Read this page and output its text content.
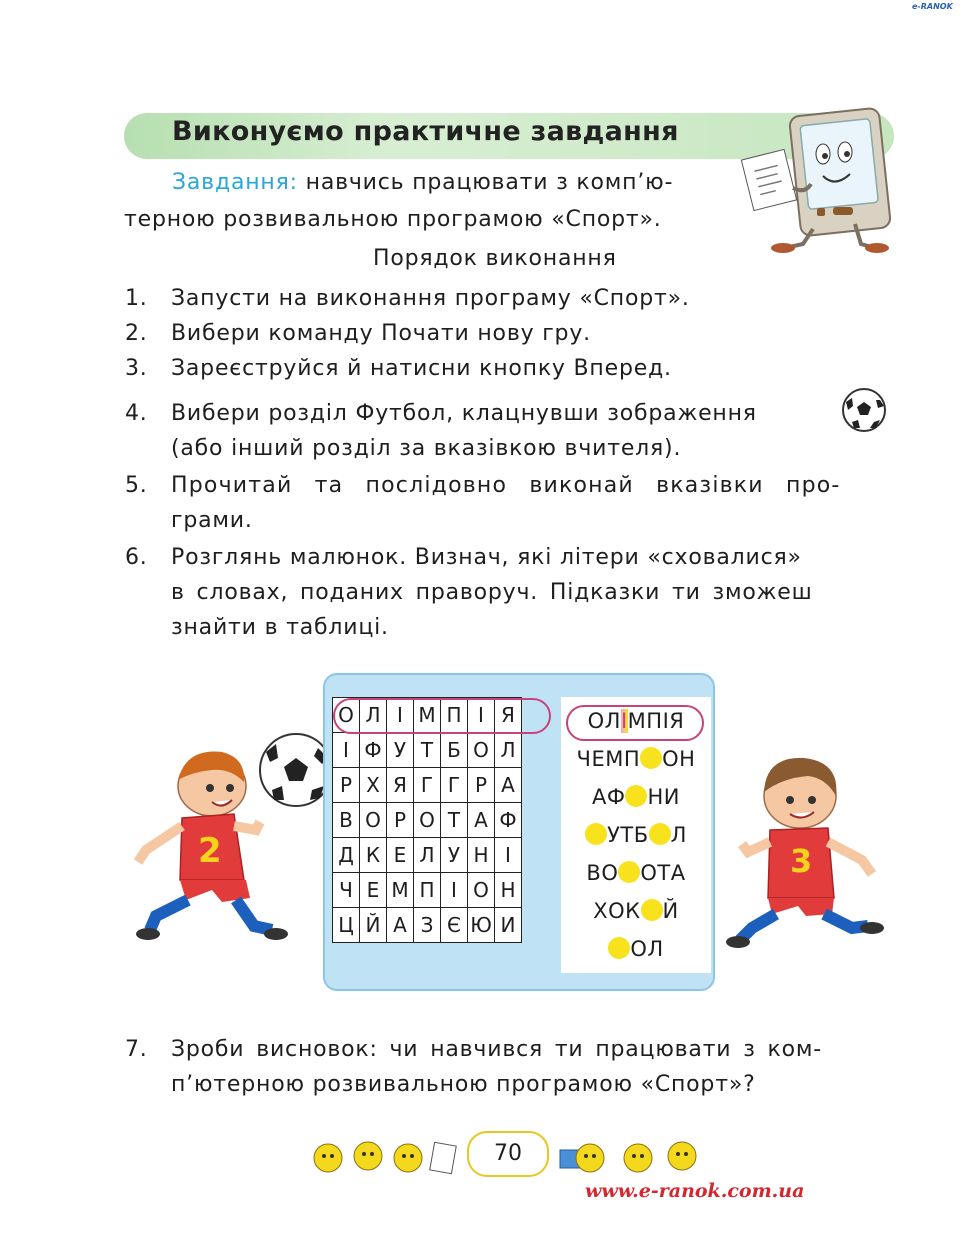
e-RANOK
Виконуємо практичне завдання
Завдання: навчись працювати з комп’ю-
терною розвивальною програмою «Спорт».
Порядок виконання
1. Запусти на виконання програму «Спорт».
2. Вибери команду Почати нову гру.
3. Зареєструйся й натисни кнопку Вперед.
4. Вибери розділ Футбол, клацнувши зображення
(або інший розділ за вказівкою вчителя).
5. Прочитай та послідовно виконай вказівки про-
грами.
6. Розглянь малюнок. Визнач, які літери «сховалися»
в словах, поданих праворуч. Підказки ти зможеш
знайти в таблиці.
2	3
О	Л	І	М	П	І	Я
І	Ф	У	Т	Б	О	Л
Р	Х	Я	Г	Г	Р	А
В	О	Р	О	Т	А	Ф
Д	К	Е	Л	У	Н	І
Ч	Е	М	П	І	О	Н
Ц	Й	А	З	Є	Ю	И
ОЛІМПІЯ
ЧЕМП ОН
АФ НИ
УТБ Л
ВО ОТА
ХОК Й
ОЛ
7. Зроби висновок: чи навчився ти працювати з ком-
п’ютерною розвивальною програмою «Спорт»?
70
www.e-ranok.com.ua
